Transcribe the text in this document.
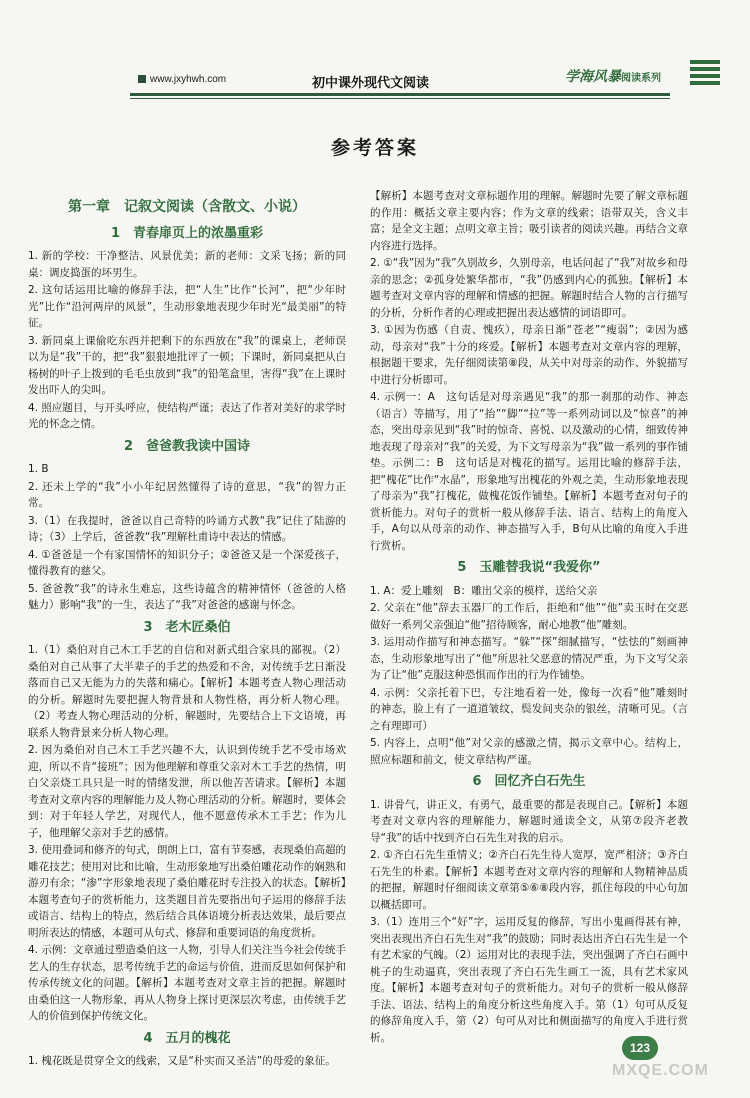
www.jxyhwh.com	初中课外现代文阅读	学海风暴阅读系列
参考答案
第一章　记叙文阅读（含散文、小说）
1　青春扉页上的浓墨重彩
1. 新的学校：干净整洁、风景优美；新的老师：文采飞扬；新的同桌：调皮捣蛋的坏男生。
2. 这句话运用比喻的修辞手法，把“人生”比作“长河”，把“少年时光”比作“沿河两岸的风景”，生动形象地表现少年时光“最美丽”的特征。
3. 新同桌上课偷吃东西并把剩下的东西放在“我”的课桌上，老师误以为是“我”干的，把“我”狠狠地批评了一顿；下课时，新同桌把从白杨树的叶子上拨到的毛毛虫放到“我”的铅笔盒里，害得“我”在上课时发出吓人的尖叫。
4. 照应题目，与开头呼应，使结构严谨；表达了作者对美好的求学时光的怀念之情。
2　爸爸教我读中国诗
1. B
2. 还未上学的“我”小小年纪居然懂得了诗的意思，“我”的智力正常。
3.（1）在我提时，爸爸以自己奇特的吟诵方式教“我”记住了陆游的诗；（3）上学后，爸爸教“我”理解杜甫诗中表达的情感。
4. ①爸爸是一个有家国情怀的知识分子；②爸爸又是一个深爱孩子，懂得教育的慈父。
5. 爸爸教“我”的诗永生难忘，这些诗蕴含的精神情怀（爸爸的人格魅力）影响“我”的一生，表达了“我”对爸爸的感谢与怀念。
3　老木匠桑伯
1.（1）桑伯对自己木工手艺的自信和对新式组合家具的鄙视。（2）桑伯对自己从事了大半辈子的手艺的热爱和不舍，对传统手艺日渐没落而自己又无能为力的失落和痛心。【解析】本题考查人物心理活动的分析。解题时先要把握人物背景和人物性格，再分析人物心理。（2）考查人物心理活动的分析，解题时，先要结合上下文语境，再联系人物背景来分析人物心理。
2. 因为桑伯对自己木工手艺兴趣不大，认识到传统手艺不受市场欢迎，所以不肯“接班”；因为他理解和尊重父亲对木工手艺的热情，明白父亲烧工具只是一时的情绪发泄，所以他苦苦请求。【解析】本题考查对文章内容的理解能力及人物心理活动的分析。解题时，要体会到：对于年轻人学艺，对现代人，他不愿意传承木工手艺；作为儿子，他理解父亲对手艺的感情。
3. 使用叠词和修齐的句式，朗朗上口，富有节奏感，表现桑伯高超的雕花技艺；使用对比和比喻，生动形象地写出桑伯雕花动作的娴熟和游刃有余；“渗”字形象地表现了桑伯雕花时专注投入的状态。【解析】本题考查句子的赏析能力，这类题目首先要指出句子运用的修辞手法或语言、结构上的特点，然后结合具体语境分析表达效果，最后要点明所表达的情感，本题可从句式、修辞和重要词语的角度赏析。
4. 示例：文章通过塑造桑伯这一人物，引导人们关注当今社会传统手艺人的生存状态，思考传统手艺的命运与价值，进而反思如何保护和传承传统文化的问题。【解析】本题考查对文章主旨的把握。解题时由桑伯这一人物形象，再从人物身上探讨更深层次考虑，由传统手艺人的价值到保护传统文化。
4　五月的槐花
1. 槐花既是贯穿全文的线索，又是“朴实而又圣洁”的母爱的象征。
【解析】本题考查对文章标题作用的理解。解题时先要了解文章标题的作用：概括文章主要内容；作为文章的线索；语带双关，含义丰富；是全文主题；点明文章主旨；吸引读者的阅读兴趣。再结合文章内容进行选择。
2. ①“我”因为“我”久别故乡，久别母亲，电话问起了“我”对故乡和母亲的思念；②孤身处繁华都市，“我”仍感到内心的孤独。【解析】本题考查对文章内容的理解和情感的把握。解题时结合人物的言行描写的分析，分析作者的心理或把握出表达感情的词语即可。
3. ①因为伤感（自责、愧疚），母亲日渐“苍老”“瘦弱”；②因为感动，母亲对“我”十分的疼爱。【解析】本题考查对文章内容的理解，根据题干要求，先仔细阅读第⑧段，从关中对母亲的动作、外貌描写中进行分析即可。
4. 示例一：A　这句话是对母亲遇见“我”的那一刹那的动作、神态（语言）等描写，用了“抬”“脚”“拉”等一系列动词以及“惊喜”的神态，突出母亲见到“我”时的惊奇、喜悦、以及激动的心情，细致传神地表现了母亲对“我”的关爱，为下文写母亲为“我”做一系列的事作铺垫。示例二：B　这句话是对槐花的描写。运用比喻的修辞手法，把“槐花”比作“水晶”，形象地写出槐花的外观之美，生动形象地表现了母亲为“我”打槐花，做槐花饭作铺垫。【解析】本题考查对句子的赏析能力。对句子的赏析一般从修辞手法、语言、结构上的角度入手，A句以从母亲的动作、神态描写入手，B句从比喻的角度入手进行赏析。
5　玉雕替我说“我爱你”
1. A：爱上雕刻　B：雕出父亲的模样，送给父亲
2. 父亲在“他”辞去玉器厂的工作后，拒绝和“他”“他”卖玉时在交恶做好一系列父亲强迫“他”招待顾客，耐心地教“他”雕刻。
3. 运用动作描写和神态描写。“躲”“探”细腻描写，“怯怯的”刻画神态，生动形象地写出了“他”所思社父恶意的情况严重，为下文写父亲为了让“他”克服这种恐惧而作出的行为作铺垫。
4. 示例：父亲托着下巴，专注地看着一处，像每一次看“他”雕刻时的神态，脸上有了一道道皱纹，鬓发间夹杂的银丝，清晰可见。（言之有理即可）
5. 内容上，点明“他”对父亲的感激之情，揭示文章中心。结构上，照应标题和前文，使文章结构严谨。
6　回忆齐白石先生
1. 讲骨气，讲正义，有勇气，最重要的都是表现自己。【解析】本题考查对文章内容的理解能力，解题时通读全文，从第⑦段齐老教导“我”的话中找到齐白石先生对我的启示。
2. ①齐白石先生重情义；②齐白石先生待人宽厚，宽严相济；③齐白石先生的朴素。【解析】本题考查对文章内容的理解和人物精神品质的把握，解题时仔细阅读文章第⑤⑥⑧段内容，抓住每段的中心句加以概括即可。
3.（1）连用三个“好”字，运用反复的修辞，写出小鬼画得甚有神，突出表现出齐白石先生对“我”的鼓励；同时表达出齐白石先生是一个有艺术家的气魄。（2）运用对比的表现手法，突出强调了齐白石画中桃子的生动逼真，突出表现了齐白石先生画工一流，具有艺术家风度。【解析】本题考查对句子的赏析能力。对句子的赏析一般从修辞手法、语法、结构上的角度分析这些角度入手。第（1）句可从反复的修辞角度入手，第（2）句可从对比和侧面描写的角度入手进行赏析。
123
MXQE.COM
